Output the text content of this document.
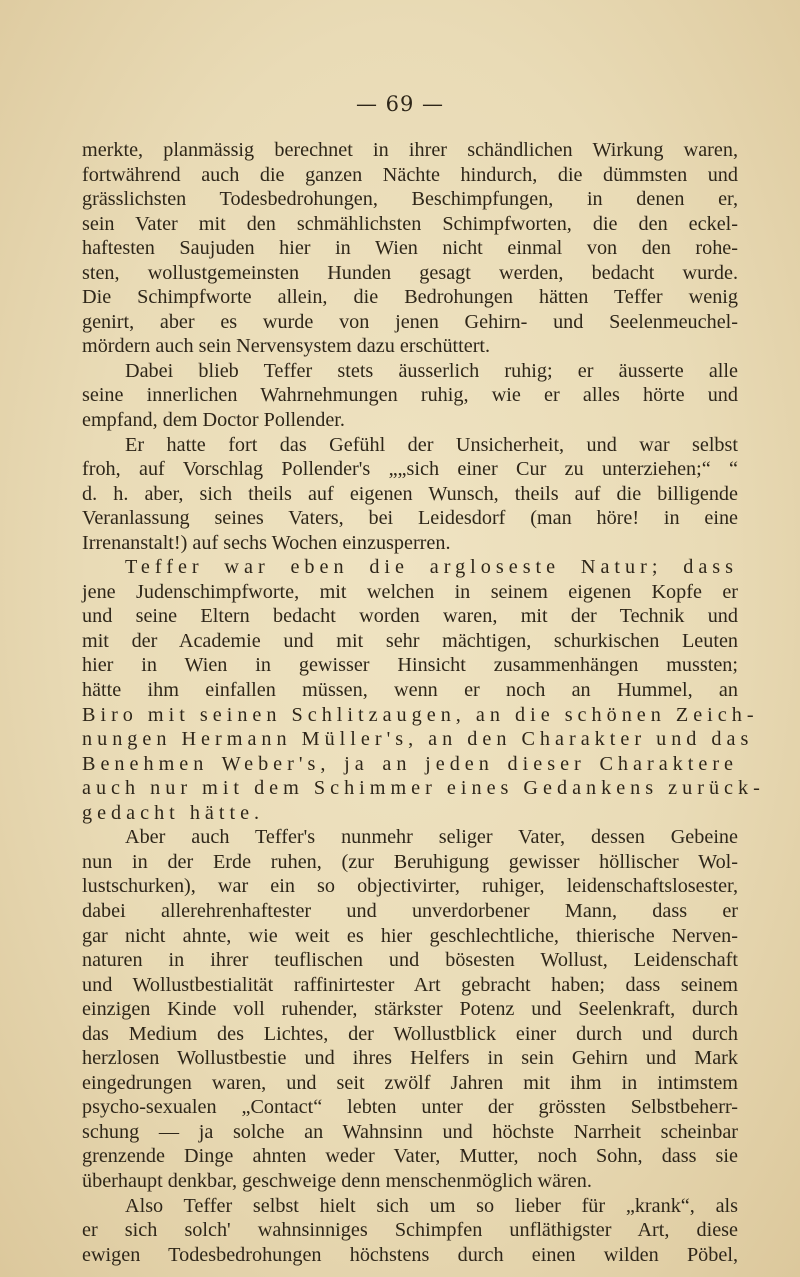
— 69 —
merkte, planmässig berechnet in ihrer schändlichen Wirkung waren,
fortwährend auch die ganzen Nächte hindurch, die dümmsten und
grässlichsten Todesbedrohungen, Beschimpfungen, in denen er,
sein Vater mit den schmählichsten Schimpfworten, die den eckel-
haftesten Saujuden hier in Wien nicht einmal von den rohe-
sten, wollustgemeinsten Hunden gesagt werden, bedacht wurde.
Die Schimpfworte allein, die Bedrohungen hätten Teffer wenig
genirt, aber es wurde von jenen Gehirn- und Seelenmeuchel-
mördern auch sein Nervensystem dazu erschüttert.
Dabei blieb Teffer stets äusserlich ruhig; er äusserte alle
seine innerlichen Wahrnehmungen ruhig, wie er alles hörte und
empfand, dem Doctor Pollender.
Er hatte fort das Gefühl der Unsicherheit, und war selbst
froh, auf Vorschlag Pollender's „„sich einer Cur zu unterziehen;“ “
d. h. aber, sich theils auf eigenen Wunsch, theils auf die billigende
Veranlassung seines Vaters, bei Leidesdorf (man höre! in eine
Irrenanstalt!) auf sechs Wochen einzusperren.
Teffer war eben die argloseste Natur; dass
jene Judenschimpfworte, mit welchen in seinem eigenen Kopfe er
und seine Eltern bedacht worden waren, mit der Technik und
mit der Academie und mit sehr mächtigen, schurkischen Leuten
hier in Wien in gewisser Hinsicht zusammenhängen mussten;
hätte ihm einfallen müssen, wenn er noch an Hummel, an
Biro mit seinen Schlitzaugen, an die schönen Zeich-
nungen Hermann Müller's, an den Charakter und das
Benehmen Weber's, ja an jeden dieser Charaktere
auch nur mit dem Schimmer eines Gedankens zurück-
gedacht hätte.
Aber auch Teffer's nunmehr seliger Vater, dessen Gebeine
nun in der Erde ruhen, (zur Beruhigung gewisser höllischer Wol-
lustschurken), war ein so objectivirter, ruhiger, leidenschaftslosester,
dabei allerehrenhaftester und unverdorbener Mann, dass er
gar nicht ahnte, wie weit es hier geschlechtliche, thierische Nerven-
naturen in ihrer teuflischen und bösesten Wollust, Leidenschaft
und Wollustbestialität raffinirtester Art gebracht haben; dass seinem
einzigen Kinde voll ruhender, stärkster Potenz und Seelenkraft, durch
das Medium des Lichtes, der Wollustblick einer durch und durch
herzlosen Wollustbestie und ihres Helfers in sein Gehirn und Mark
eingedrungen waren, und seit zwölf Jahren mit ihm in intimstem
psycho-sexualen „Contact“ lebten unter der grössten Selbstbeherr-
schung — ja solche an Wahnsinn und höchste Narrheit scheinbar
grenzende Dinge ahnten weder Vater, Mutter, noch Sohn, dass sie
überhaupt denkbar, geschweige denn menschenmöglich wären.
Also Teffer selbst hielt sich um so lieber für „krank“, als
er sich solch' wahnsinniges Schimpfen unfläthigster Art, diese
ewigen Todesbedrohungen höchstens durch einen wilden Pöbel,
